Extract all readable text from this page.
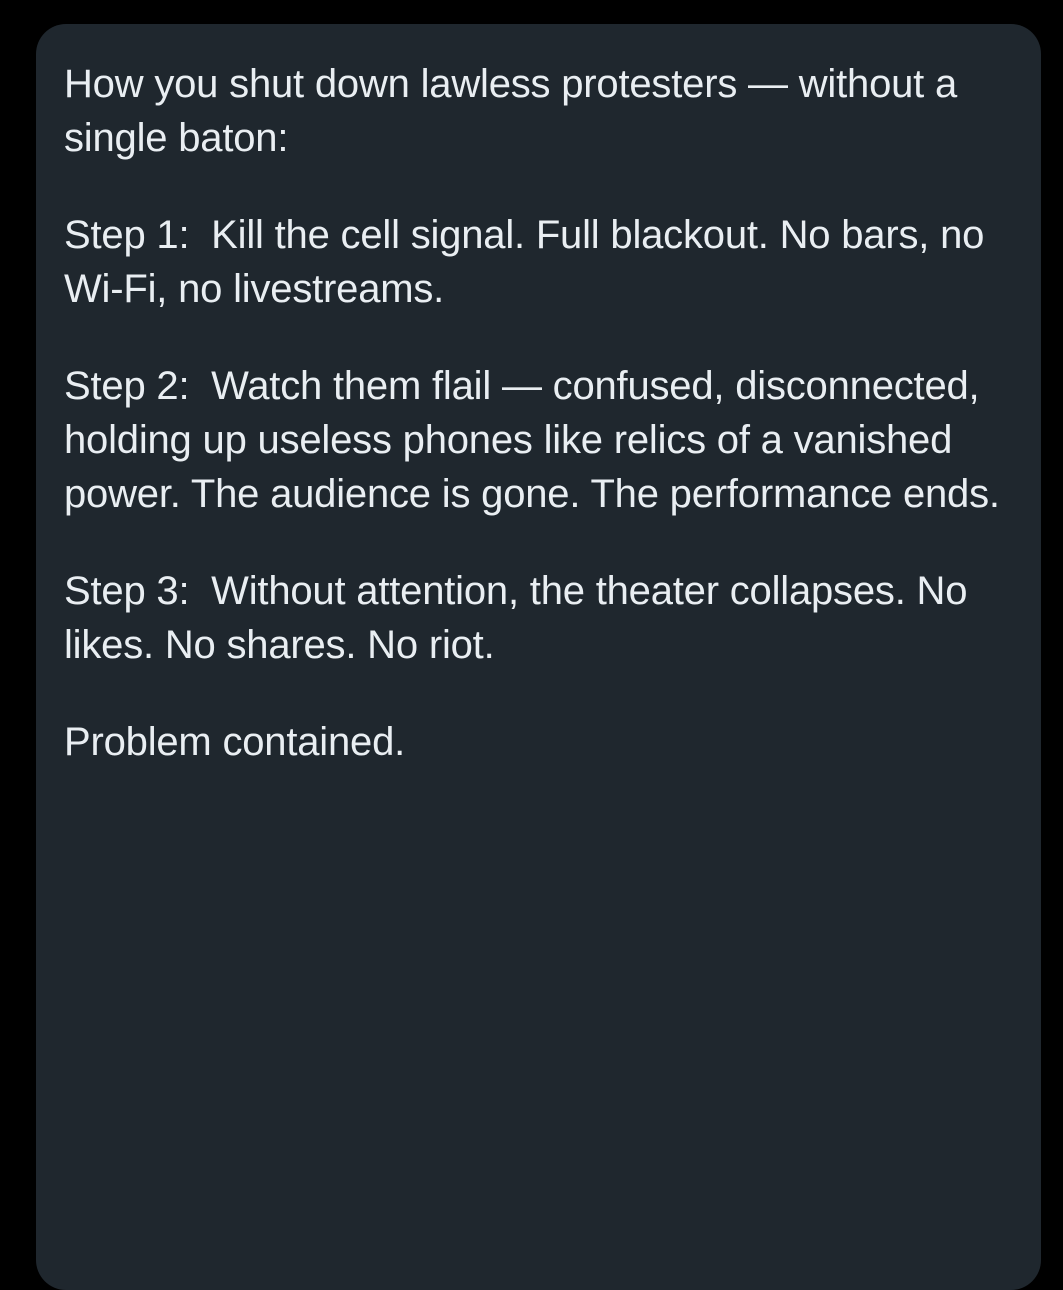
How you shut down lawless protesters — without a single baton:

Step 1:  Kill the cell signal. Full blackout. No bars, no Wi-Fi, no livestreams.

Step 2:  Watch them flail — confused, disconnected, holding up useless phones like relics of a vanished power. The audience is gone. The performance ends.

Step 3:  Without attention, the theater collapses. No likes. No shares. No riot.

Problem contained.
